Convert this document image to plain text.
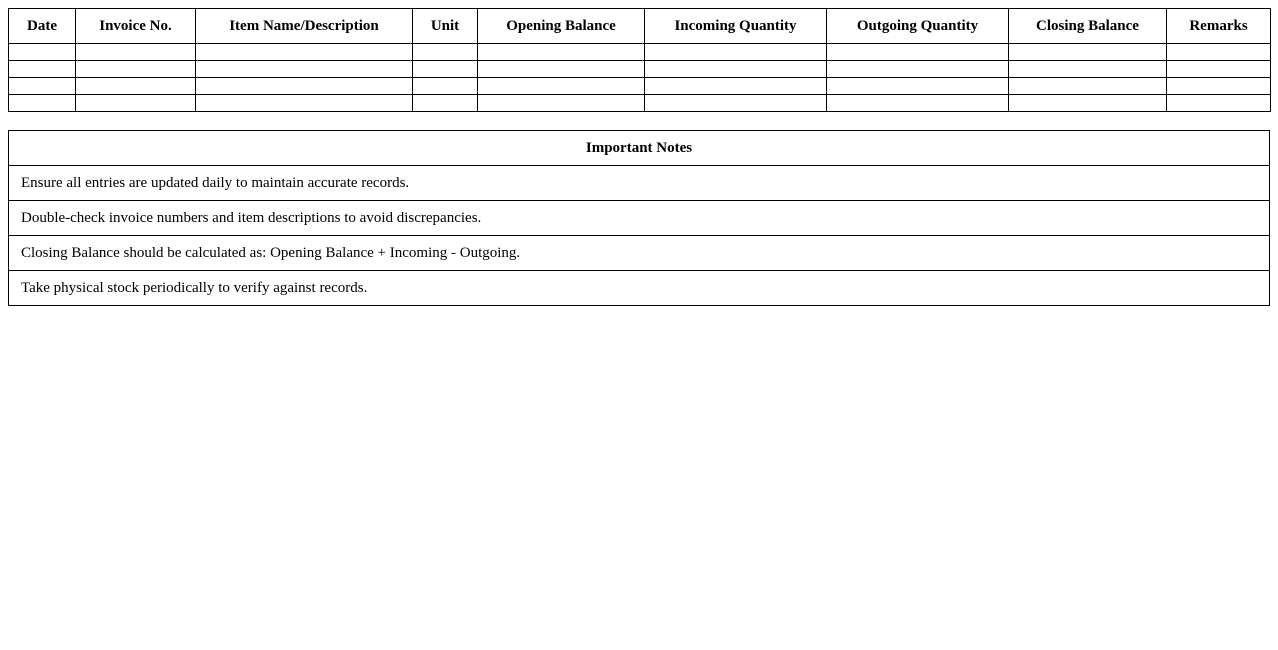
Date	Invoice No.	Item Name/Description	Unit	Opening Balance	Incoming Quantity	Outgoing Quantity	Closing Balance	Remarks

Important Notes
Ensure all entries are updated daily to maintain accurate records.
Double-check invoice numbers and item descriptions to avoid discrepancies.
Closing Balance should be calculated as: Opening Balance + Incoming - Outgoing.
Take physical stock periodically to verify against records.
